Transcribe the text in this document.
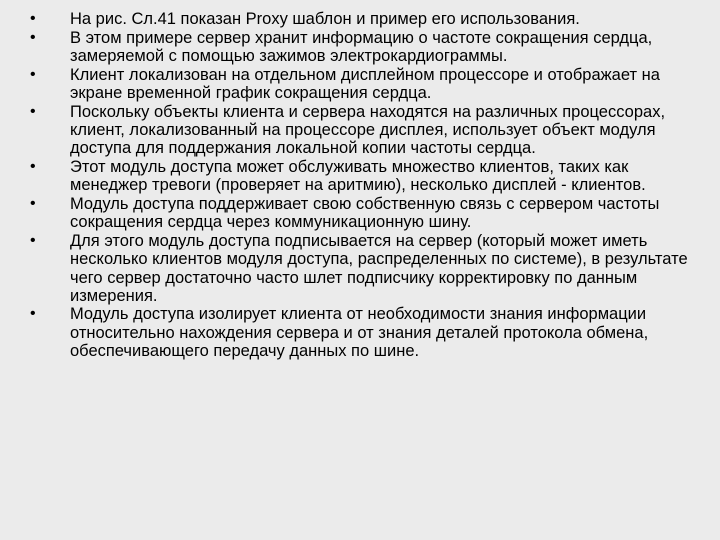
• На рис. Сл.41 показан Proxy шаблон и пример его использования.
• В этом примере сервер хранит информацию о частоте сокращения сердца, замеряемой с помощью зажимов электрокардиограммы.
• Клиент локализован на отдельном дисплейном процессоре и отображает на экране временной график сокращения сердца.
• Поскольку объекты клиента и сервера находятся на различных процессорах, клиент, локализованный на процессоре дисплея, использует объект модуля доступа для поддержания локальной копии частоты сердца.
• Этот модуль доступа может обслуживать множество клиентов, таких как менеджер тревоги (проверяет на аритмию), несколько дисплей - клиентов.
• Модуль доступа поддерживает свою собственную связь с сервером частоты сокращения сердца через коммуникационную шину.
• Для этого модуль доступа подписывается на сервер (который может иметь несколько клиентов модуля доступа, распределенных по системе), в результате чего сервер достаточно часто шлет подписчику корректировку по данным измерения.
• Модуль доступа изолирует клиента от необходимости знания информации относительно нахождения сервера и от знания деталей протокола обмена, обеспечивающего передачу данных по шине.
